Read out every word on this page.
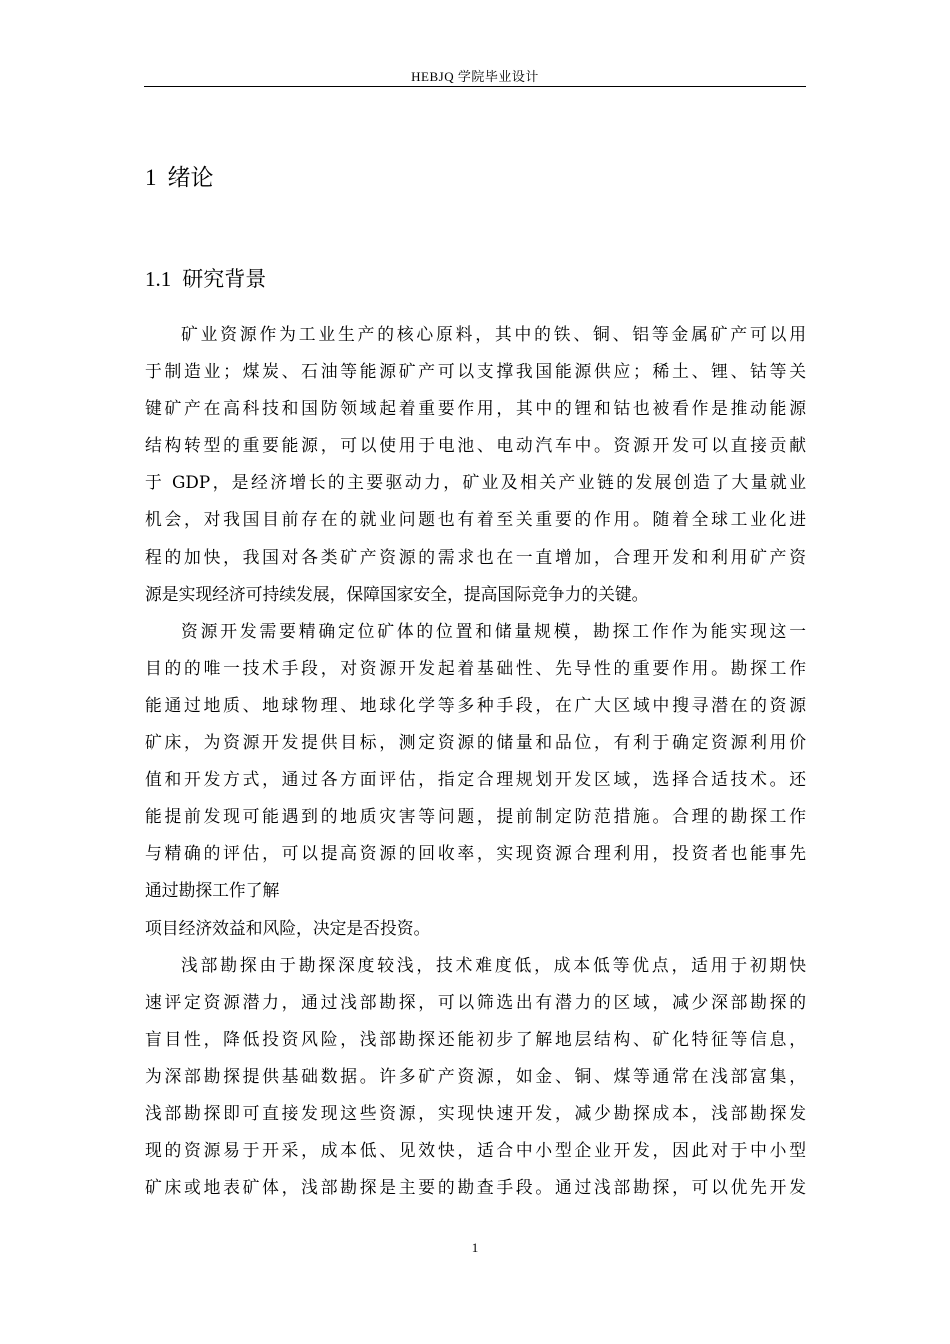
HEBJQ 学院毕业设计
1 绪论
1.1 研究背景
矿业资源作为工业生产的核心原料，其中的铁、铜、铝等金属矿产可以用
于制造业；煤炭、石油等能源矿产可以支撑我国能源供应；稀土、锂、钴等关
键矿产在高科技和国防领域起着重要作用，其中的锂和钴也被看作是推动能源
结构转型的重要能源，可以使用于电池、电动汽车中。资源开发可以直接贡献
于 GDP，是经济增长的主要驱动力，矿业及相关产业链的发展创造了大量就业
机会，对我国目前存在的就业问题也有着至关重要的作用。随着全球工业化进
程的加快，我国对各类矿产资源的需求也在一直增加，合理开发和利用矿产资
源是实现经济可持续发展，保障国家安全，提高国际竞争力的关键。
资源开发需要精确定位矿体的位置和储量规模，勘探工作作为能实现这一
目的的唯一技术手段，对资源开发起着基础性、先导性的重要作用。勘探工作
能通过地质、地球物理、地球化学等多种手段，在广大区域中搜寻潜在的资源
矿床，为资源开发提供目标，测定资源的储量和品位，有利于确定资源利用价
值和开发方式，通过各方面评估，指定合理规划开发区域，选择合适技术。还
能提前发现可能遇到的地质灾害等问题，提前制定防范措施。合理的勘探工作
与精确的评估，可以提高资源的回收率，实现资源合理利用，投资者也能事先
通过勘探工作了解
项目经济效益和风险，决定是否投资。
浅部勘探由于勘探深度较浅，技术难度低，成本低等优点，适用于初期快
速评定资源潜力，通过浅部勘探，可以筛选出有潜力的区域，减少深部勘探的
盲目性，降低投资风险，浅部勘探还能初步了解地层结构、矿化特征等信息，
为深部勘探提供基础数据。许多矿产资源，如金、铜、煤等通常在浅部富集，
浅部勘探即可直接发现这些资源，实现快速开发，减少勘探成本，浅部勘探发
现的资源易于开采，成本低、见效快，适合中小型企业开发，因此对于中小型
矿床或地表矿体，浅部勘探是主要的勘查手段。通过浅部勘探，可以优先开发
1
